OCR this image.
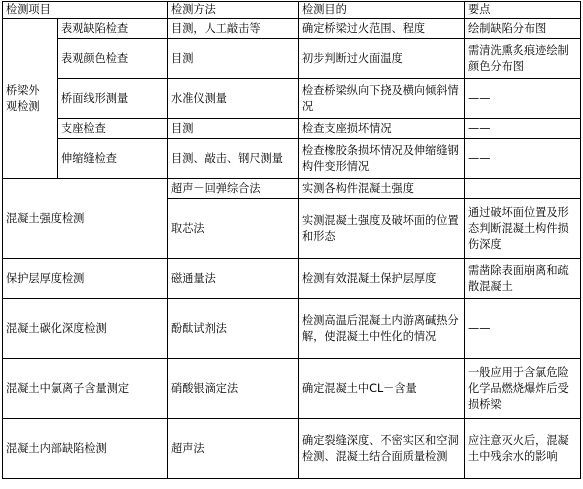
检测项目		检测方法	检测目的	要点

桥梁外观检测	表观缺陷检查	目测，人工敲击等	确定桥梁过火范围、程度	绘制缺陷分布图
	表观颜色检查	目测	初步判断过火面温度	需清洗熏炙痕迹绘制颜色分布图
	桥面线形测量	水准仪测量	检查桥梁纵向下挠及横向倾斜情况	——
	支座检查	目测	检查支座损坏情况	——
	伸缩缝检查	目测、敲击、钢尺测量	检查橡胶条损坏情况及伸缩缝钢构件变形情况	——
混凝土强度检测		超声－回弹综合法	实测各构件混凝土强度	
		取芯法	实测混凝土强度及破坏面的位置和形态	通过破坏面位置及形态判断混凝土构件损伤深度
保护层厚度检测		磁通量法	检测有效混凝土保护层厚度	需凿除表面崩离和疏散混凝土
混凝土碳化深度检测		酚酞试剂法	检测高温后混凝土内游离碱热分解，使混凝土中性化的情况	——
混凝土中氯离子含量测定		硝酸银滴定法	确定混凝土中CL－含量	一般应用于含氯危险化学品燃烧爆炸后受损桥梁
混凝土内部缺陷检测		超声法	确定裂缝深度、不密实区和空洞检测、混凝土结合面质量检测	应注意灭火后，混凝土中残余水的影响
